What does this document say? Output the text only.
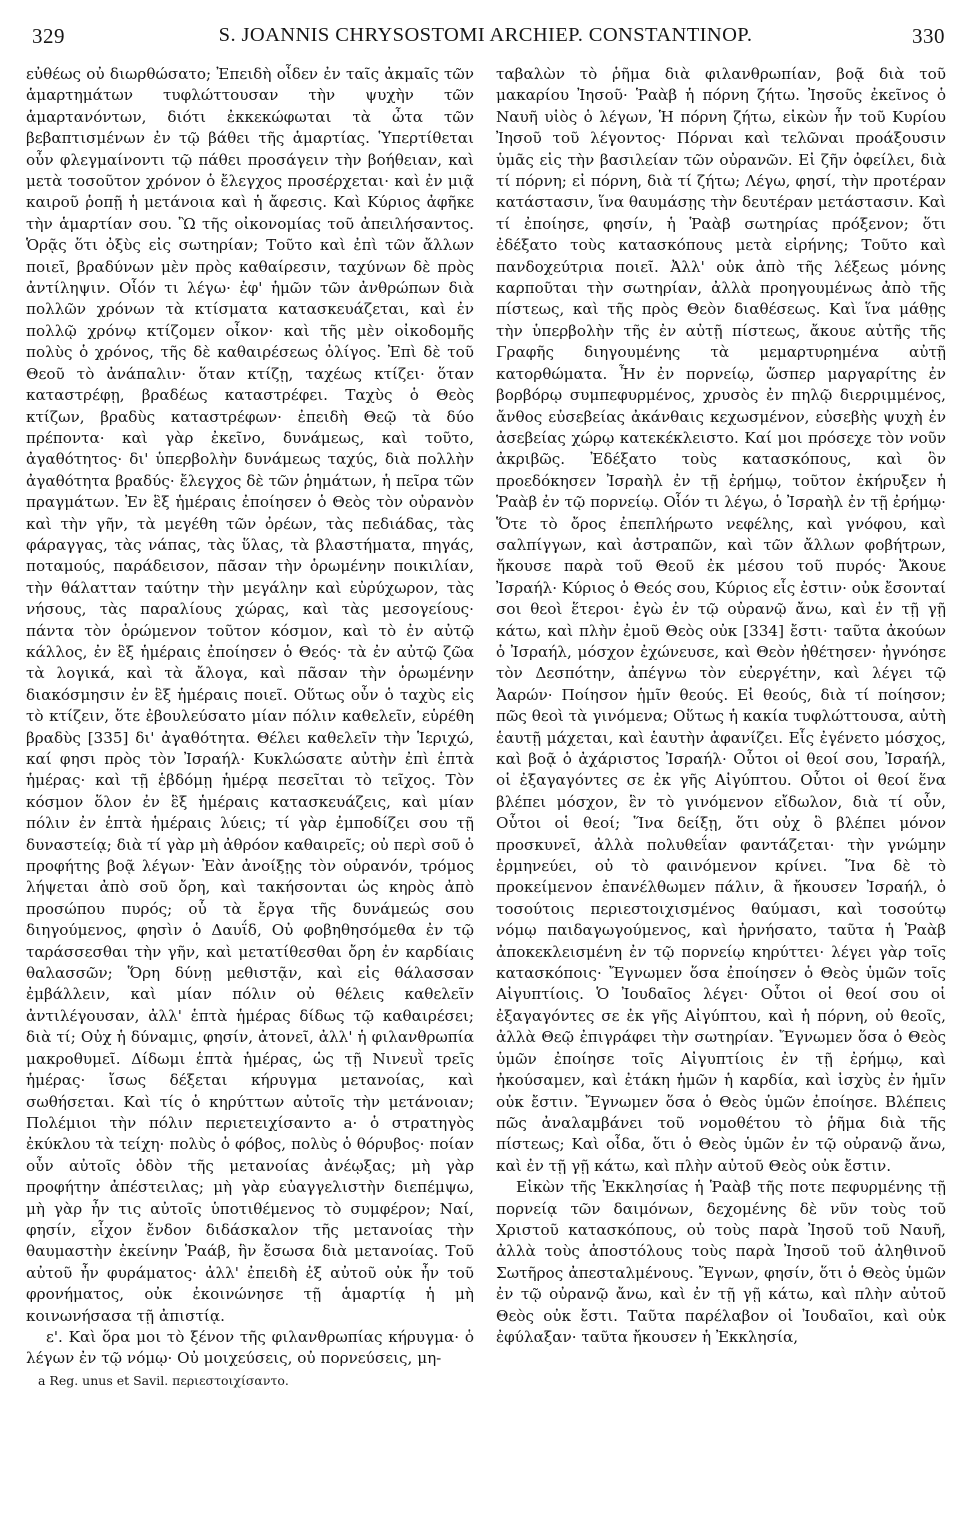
329	S. JOANNIS CHRYSOSTOMI ARCHIEP. CONSTANTINOP.	330

εὐθέως οὐ διωρθώσατο; Ἐπειδὴ οἶδεν ἐν ταῖς ἀκμαῖς τῶν ἁμαρτημάτων τυφλώττουσαν τὴν ψυχὴν τῶν ἁμαρτανόντων, διότι ἐκκεκώφωται τὰ ὦτα τῶν βεβαπτισμένων ἐν τῷ βάθει τῆς ἁμαρτίας. Ὑπερτίθεται οὖν φλεγμαίνοντι τῷ πάθει προσάγειν τὴν βοήθειαν, καὶ μετὰ τοσοῦτον χρόνον ὁ ἔλεγχος προσέρχεται· καὶ ἐν μιᾷ καιροῦ ῥοπῇ ἡ μετάνοια καὶ ἡ ἄφεσις. Καὶ Κύριος ἀφῆκε τὴν ἁμαρτίαν σου. Ὢ τῆς οἰκονομίας τοῦ ἀπειλήσαντος. Ὁρᾷς ὅτι ὀξὺς εἰς σωτηρίαν; Τοῦτο καὶ ἐπὶ τῶν ἄλλων ποιεῖ, βραδύνων μὲν πρὸς καθαίρεσιν, ταχύνων δὲ πρὸς ἀντίληψιν. Οἷόν τι λέγω· ἐφ' ἡμῶν τῶν ἀνθρώπων διὰ πολλῶν χρόνων τὰ κτίσματα κατασκευάζεται, καὶ ἐν πολλῷ χρόνῳ κτίζομεν οἶκον· καὶ τῆς μὲν οἰκοδομῆς πολὺς ὁ χρόνος, τῆς δὲ καθαιρέσεως ὀλίγος. Ἐπὶ δὲ τοῦ Θεοῦ τὸ ἀνάπαλιν· ὅταν κτίζῃ, ταχέως κτίζει· ὅταν καταστρέφῃ, βραδέως καταστρέφει. Ταχὺς ὁ Θεὸς κτίζων, βραδὺς καταστρέφων· ἐπειδὴ Θεῷ τὰ δύο πρέποντα· καὶ γὰρ ἐκεῖνο, δυνάμεως, καὶ τοῦτο, ἀγαθότητος· δι' ὑπερβολὴν δυνάμεως ταχύς, διὰ πολλὴν ἀγαθότητα βραδύς· ἔλεγχος δὲ τῶν ῥημάτων, ἡ πεῖρα τῶν πραγμάτων. Ἐν ἓξ ἡμέραις ἐποίησεν ὁ Θεὸς τὸν οὐρανὸν καὶ τὴν γῆν, τὰ μεγέθη τῶν ὀρέων, τὰς πεδιάδας, τὰς φάραγγας, τὰς νάπας, τὰς ὕλας, τὰ βλαστήματα, πηγάς, ποταμούς, παράδεισον, πᾶσαν τὴν ὁρωμένην ποικιλίαν, τὴν θάλατταν ταύτην τὴν μεγάλην καὶ εὐρύχωρον, τὰς νήσους, τὰς παραλίους χώρας, καὶ τὰς μεσογείους· πάντα τὸν ὁρώμενον τοῦτον κόσμον, καὶ τὸ ἐν αὐτῷ κάλλος, ἐν ἓξ ἡμέραις ἐποίησεν ὁ Θεός· τὰ ἐν αὐτῷ ζῶα τὰ λογικά, καὶ τὰ ἄλογα, καὶ πᾶσαν τὴν ὁρωμένην διακόσμησιν ἐν ἓξ ἡμέραις ποιεῖ. Οὕτως οὖν ὁ ταχὺς εἰς τὸ κτίζειν, ὅτε ἐβουλεύσατο μίαν πόλιν καθελεῖν, εὑρέθη βραδὺς [335] δι' ἀγαθότητα. Θέλει καθελεῖν τὴν Ἱεριχώ, καί φησι πρὸς τὸν Ἰσραήλ· Κυκλώσατε αὐτὴν ἐπὶ ἑπτὰ ἡμέρας· καὶ τῇ ἑβδόμῃ ἡμέρᾳ πεσεῖται τὸ τεῖχος. Τὸν κόσμον ὅλον ἐν ἓξ ἡμέραις κατασκευάζεις, καὶ μίαν πόλιν ἐν ἑπτὰ ἡμέραις λύεις; τί γὰρ ἐμποδίζει σου τῇ δυναστείᾳ; διὰ τί γὰρ μὴ ἀθρόον καθαιρεῖς; οὐ περὶ σοῦ ὁ προφήτης βοᾷ λέγων· Ἐὰν ἀνοίξῃς τὸν οὐρανόν, τρόμος λήψεται ἀπὸ σοῦ ὄρη, καὶ τακήσονται ὡς κηρὸς ἀπὸ προσώπου πυρός; οὗ τὰ ἔργα τῆς δυνάμεώς σου διηγούμενος, φησὶν ὁ Δαυΐδ, Οὐ φοβηθησόμεθα ἐν τῷ ταράσσεσθαι τὴν γῆν, καὶ μετατίθεσθαι ὄρη ἐν καρδίαις θαλασσῶν; Ὅρη δύνῃ μεθιστᾷν, καὶ εἰς θάλασσαν ἐμβάλλειν, καὶ μίαν πόλιν οὐ θέλεις καθελεῖν ἀντιλέγουσαν, ἀλλ' ἑπτὰ ἡμέρας δίδως τῷ καθαιρέσει; διὰ τί; Οὐχ ἡ δύναμις, φησίν, ἀτονεῖ, ἀλλ' ἡ φιλανθρωπία μακροθυμεῖ. Δίδωμι ἑπτὰ ἡμέρας, ὡς τῇ Νινευῒ τρεῖς ἡμέρας· ἴσως δέξεται κήρυγμα μετανοίας, καὶ σωθήσεται. Καὶ τίς ὁ κηρύττων αὐτοῖς τὴν μετάνοιαν; Πολέμιοι τὴν πόλιν περιετειχίσαντο a· ὁ στρατηγὸς ἐκύκλου τὰ τείχη· πολὺς ὁ φόβος, πολὺς ὁ θόρυβος· ποίαν οὖν αὐτοῖς ὁδὸν τῆς μετανοίας ἀνέῳξας; μὴ γὰρ προφήτην ἀπέστειλας; μὴ γὰρ εὐαγγελιστὴν διεπέμψω, μὴ γὰρ ἦν τις αὐτοῖς ὑποτιθέμενος τὸ συμφέρον; Ναί, φησίν, εἶχον ἔνδον διδάσκαλον τῆς μετανοίας τὴν θαυμαστὴν ἐκείνην Ῥαάβ, ἣν ἔσωσα διὰ μετανοίας. Τοῦ αὐτοῦ ἦν φυράματος· ἀλλ' ἐπειδὴ ἐξ αὐτοῦ οὐκ ἦν τοῦ φρονήματος, οὐκ ἐκοινώνησε τῇ ἁμαρτίᾳ ἡ μὴ κοινωνήσασα τῇ ἀπιστίᾳ.

ε'. Καὶ ὅρα μοι τὸ ξένον τῆς φιλανθρωπίας κήρυγμα· ὁ λέγων ἐν τῷ νόμῳ· Οὐ μοιχεύσεις, οὐ πορνεύσεις, μη-

a Reg. unus et Savil. περιεστοιχίσαντο.

ταβαλὼν τὸ ῥῆμα διὰ φιλανθρωπίαν, βοᾷ διὰ τοῦ μακαρίου Ἰησοῦ· Ῥαὰβ ἡ πόρνη ζήτω. Ἰησοῦς ἐκεῖνος ὁ Ναυῆ υἱὸς ὁ λέγων, Ἡ πόρνη ζήτω, εἰκὼν ἦν τοῦ Κυρίου Ἰησοῦ τοῦ λέγοντος· Πόρναι καὶ τελῶναι προάξουσιν ὑμᾶς εἰς τὴν βασιλείαν τῶν οὐρανῶν. Εἰ ζῆν ὀφείλει, διὰ τί πόρνη; εἰ πόρνη, διὰ τί ζήτω; Λέγω, φησί, τὴν προτέραν κατάστασιν, ἵνα θαυμάσῃς τὴν δευτέραν μετάστασιν. Καὶ τί ἐποίησε, φησίν, ἡ Ῥαὰβ σωτηρίας πρόξενον; ὅτι ἐδέξατο τοὺς κατασκόπους μετὰ εἰρήνης; Τοῦτο καὶ πανδοχεύτρια ποιεῖ. Ἀλλ' οὐκ ἀπὸ τῆς λέξεως μόνης καρποῦται τὴν σωτηρίαν, ἀλλὰ προηγουμένως ἀπὸ τῆς πίστεως, καὶ τῆς πρὸς Θεὸν διαθέσεως. Καὶ ἵνα μάθῃς τὴν ὑπερβολὴν τῆς ἐν αὐτῇ πίστεως, ἄκουε αὐτῆς τῆς Γραφῆς διηγουμένης τὰ μεμαρτυρημένα αὐτῇ κατορθώματα. Ἦν ἐν πορνείῳ, ὥσπερ μαργαρίτης ἐν βορβόρῳ συμπεφυρμένος, χρυσὸς ἐν πηλῷ διερριμμένος, ἄνθος εὐσεβείας ἀκάνθαις κεχωσμένον, εὐσεβὴς ψυχὴ ἐν ἀσεβείας χώρῳ κατεκέκλειστο. Καί μοι πρόσεχε τὸν νοῦν ἀκριβῶς. Ἐδέξατο τοὺς κατασκόπους, καὶ ὃν προεδόκησεν Ἰσραὴλ ἐν τῇ ἐρήμῳ, τοῦτον ἐκήρυξεν ἡ Ῥαὰβ ἐν τῷ πορνείῳ. Οἷόν τι λέγω, ὁ Ἰσραὴλ ἐν τῇ ἐρήμῳ· Ὅτε τὸ ὄρος ἐπεπλήρωτο νεφέλης, καὶ γνόφου, καὶ σαλπίγγων, καὶ ἀστραπῶν, καὶ τῶν ἄλλων φοβήτρων, ἤκουσε παρὰ τοῦ Θεοῦ ἐκ μέσου τοῦ πυρός· Ἄκουε Ἰσραήλ· Κύριος ὁ Θεός σου, Κύριος εἷς ἐστιν· οὐκ ἔσονταί σοι θεοὶ ἕτεροι· ἐγὼ ἐν τῷ οὐρανῷ ἄνω, καὶ ἐν τῇ γῇ κάτω, καὶ πλὴν ἐμοῦ Θεὸς οὐκ [334] ἔστι· ταῦτα ἀκούων ὁ Ἰσραήλ, μόσχον ἐχώνευσε, καὶ Θεὸν ἠθέτησεν· ἠγνόησε τὸν Δεσπότην, ἀπέγνω τὸν εὐεργέτην, καὶ λέγει τῷ Ἀαρών· Ποίησον ἡμῖν θεούς. Εἰ θεούς, διὰ τί ποίησον; πῶς θεοὶ τὰ γινόμενα; Οὕτως ἡ κακία τυφλώττουσα, αὐτὴ ἑαυτῇ μάχεται, καὶ ἑαυτὴν ἀφανίζει. Εἷς ἐγένετο μόσχος, καὶ βοᾷ ὁ ἀχάριστος Ἰσραήλ· Οὗτοι οἱ θεοί σου, Ἰσραήλ, οἱ ἐξαγαγόντες σε ἐκ γῆς Αἰγύπτου. Οὗτοι οἱ θεοί ἕνα βλέπει μόσχον, ἓν τὸ γινόμενον εἴδωλον, διὰ τί οὖν, Οὗτοι οἱ θεοί; Ἵνα δείξῃ, ὅτι οὐχ ὃ βλέπει μόνον προσκυνεῖ, ἀλλὰ πολυθεΐαν φαντάζεται· τὴν γνώμην ἑρμηνεύει, οὐ τὸ φαινόμενον κρίνει. Ἵνα δὲ τὸ προκείμενον ἐπανέλθωμεν πάλιν, ἃ ἤκουσεν Ἰσραήλ, ὁ τοσούτοις περιεστοιχισμένος θαύμασι, καὶ τοσούτῳ νόμῳ παιδαγωγούμενος, καὶ ἠρνήσατο, ταῦτα ἡ Ῥαὰβ ἀποκεκλεισμένη ἐν τῷ πορνείῳ κηρύττει· λέγει γὰρ τοῖς κατασκόποις· Ἔγνωμεν ὅσα ἐποίησεν ὁ Θεὸς ὑμῶν τοῖς Αἰγυπτίοις. Ὁ Ἰουδαῖος λέγει· Οὗτοι οἱ θεοί σου οἱ ἐξαγαγόντες σε ἐκ γῆς Αἰγύπτου, καὶ ἡ πόρνη, οὐ θεοῖς, ἀλλὰ Θεῷ ἐπιγράφει τὴν σωτηρίαν. Ἔγνωμεν ὅσα ὁ Θεὸς ὑμῶν ἐποίησε τοῖς Αἰγυπτίοις ἐν τῇ ἐρήμῳ, καὶ ἠκούσαμεν, καὶ ἐτάκη ἡμῶν ἡ καρδία, καὶ ἰσχὺς ἐν ἡμῖν οὐκ ἔστιν. Ἔγνωμεν ὅσα ὁ Θεὸς ὑμῶν ἐποίησε. Βλέπεις πῶς ἀναλαμβάνει τοῦ νομοθέτου τὸ ῥῆμα διὰ τῆς πίστεως; Καὶ οἶδα, ὅτι ὁ Θεὸς ὑμῶν ἐν τῷ οὐρανῷ ἄνω, καὶ ἐν τῇ γῇ κάτω, καὶ πλὴν αὐτοῦ Θεὸς οὐκ ἔστιν.

Εἰκὼν τῆς Ἐκκλησίας ἡ Ῥαὰβ τῆς ποτε πεφυρμένης τῇ πορνείᾳ τῶν δαιμόνων, δεχομένης δὲ νῦν τοὺς τοῦ Χριστοῦ κατασκόπους, οὐ τοὺς παρὰ Ἰησοῦ τοῦ Ναυῆ, ἀλλὰ τοὺς ἀποστόλους τοὺς παρὰ Ἰησοῦ τοῦ ἀληθινοῦ Σωτῆρος ἀπεσταλμένους. Ἔγνων, φησίν, ὅτι ὁ Θεὸς ὑμῶν ἐν τῷ οὐρανῷ ἄνω, καὶ ἐν τῇ γῇ κάτω, καὶ πλὴν αὐτοῦ Θεὸς οὐκ ἔστι. Ταῦτα παρέλαβον οἱ Ἰουδαῖοι, καὶ οὐκ ἐφύλαξαν· ταῦτα ἤκουσεν ἡ Ἐκκλησία,
